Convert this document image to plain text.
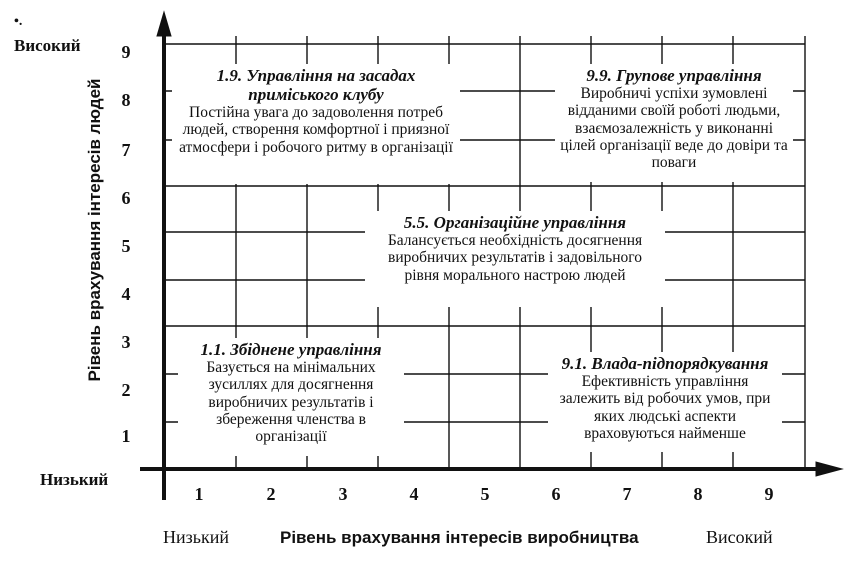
•.
Високий
Низький
Рівень врахування інтересів людей
9
8
7
6
5
4
3
2
1
1	2	3	4	5	6	7	8	9
Низький	Рівень врахування інтересів виробництва	Високий
1.9. Управління на засадах приміського клубу
Постійна увага до задоволення потреб людей, створення комфортної і приязної атмосфери і робочого ритму в організації
9.9. Групове управління
Виробничі успіхи зумовлені відданими своїй роботі людьми, взаємозалежність у виконанні цілей організації веде до довіри та поваги
5.5. Організаційне управління
Балансується необхідність досягнення виробничих результатів і задовільного рівня морального настрою людей
1.1. Збіднене управління
Базується на мінімальних зусиллях для досягнення виробничих результатів і збереження членства в організації
9.1. Влада-підпорядкування
Ефективність управління залежить від робочих умов, при яких людські аспекти враховуються найменше
